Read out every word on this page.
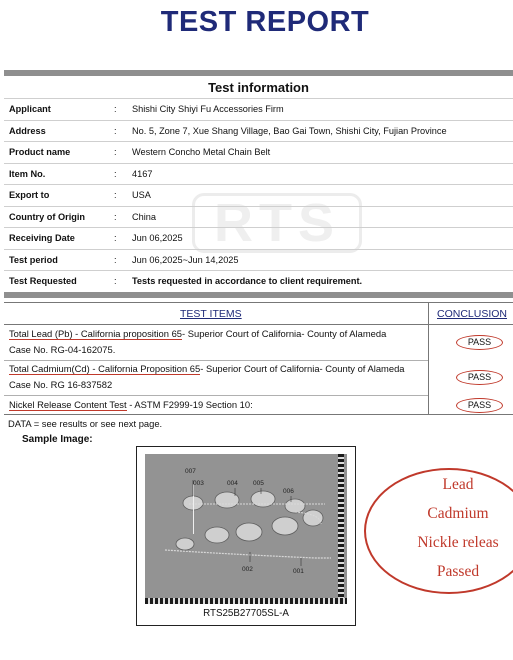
RTS
TEST REPORT
Test information
Applicant	: Shishi City Shiyi Fu Accessories Firm
Address	: No. 5, Zone 7, Xue Shang Village, Bao Gai Town, Shishi City, Fujian Province
Product name	: Western Concho Metal Chain Belt
Item No.	: 4167
Export to	: USA
Country of Origin	: China
Receiving Date	: Jun 06,2025
Test period	: Jun 06,2025~Jun 14,2025
Test Requested	: Tests requested in accordance to client requirement.
TEST ITEMS	CONCLUSION
Total Lead (Pb) - California proposition 65- Superior Court of California- County of Alameda
Case No. RG-04-162075.
PASS
Total Cadmium(Cd) - California Proposition 65- Superior Court of California- County of Alameda
Case No. RG 16-837582
PASS
Nickel Release Content Test - ASTM F2999-19 Section 10:	PASS
DATA = see results or see next page.
Sample Image:
007
003	004 005
006
002	001
RTS25B27705SL-A
Lead
Cadmium
Nickle releas
Passed
